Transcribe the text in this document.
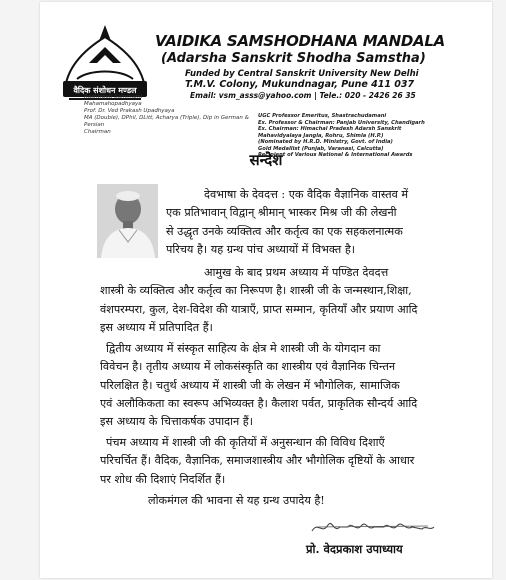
वैदिक संशोधन मण्डल
VAIDIKA SAMSHODHANA MANDALA
(Adarsha Sanskrit Shodha Samstha)
Funded by Central Sanskrit University New Delhi
T.M.V. Colony, Mukundnagar, Pune 411 037
Email: vsm_asss@yahoo.com | Tele.: 020 - 2426 26 35
Rashtrpati Sammanit
Mahamahopadhyaya
Prof. Dr. Ved Prakash Upadhyaya
MA (Double), DPhil, DLitt, Acharya (Triple), Dip in German & Persian
Chairman
UGC Professor Emeritus, Shastrachudamani
Ex. Professor & Chairman: Panjab University, Chandigarh
Ex. Chairman: Himachal Pradesh Adarsh Sanskrit
Mahavidyalaya Jangla, Rohru, Shimla (H.P.)
(Nominated by H.R.D. Ministry, Govt. of India)
Gold Medallist (Punjab, Varanasi, Calcutta)
Recipient of Various National & International Awards
सन्देश
देवभाषा के देवदत्त : एक वैदिक वैज्ञानिक वास्तव में
एक प्रतिभावान् विद्वान् श्रीमान् भास्कर मिश्र जी की लेखनी
से उद्धृत उनके व्यक्तित्व और कर्तृत्व का एक सहकलनात्मक
परिचय है। यह ग्रन्थ पांच अध्यायों में विभक्त है।
आमुख के बाद प्रथम अध्याय में पण्डित देवदत्त
शास्त्री के व्यक्तित्व और कर्तृत्व का निरूपण है। शास्त्री जी के जन्मस्थान,शिक्षा,
वंशपरम्परा, कुल, देश-विदेश की यात्राएँ, प्राप्त सम्मान, कृतियाँ और प्रयाण आदि
इस अध्याय में प्रतिपादित हैं।
द्वितीय अध्याय में संस्कृत साहित्य के क्षेत्र मे शास्त्री जी के योगदान का
विवेचन है। तृतीय अध्याय में लोकसंस्कृति का शास्त्रीय एवं वैज्ञानिक चिन्तन
परिलक्षित है। चतुर्थ अध्याय में शास्त्री जी के लेखन में भौगोलिक, सामाजिक
एवं अलौकिकता का स्वरूप अभिव्यक्त है। कैलाश पर्वत, प्राकृतिक सौन्दर्य आदि
इस अध्याय के चित्ताकर्षक उपादान हैं।
पंचम अध्याय में शास्त्री जी की कृतियों में अनुसन्धान की विविध दिशाएँ
परिचर्चित हैं। वैदिक, वैज्ञानिक, समाजशास्त्रीय और भौगोलिक दृष्टियों के आधार
पर शोध की दिशाएं निदर्शित हैं।
लोकमंगल की भावना से यह ग्रन्थ उपादेय है!
प्रो. वेदप्रकाश उपाध्याय
